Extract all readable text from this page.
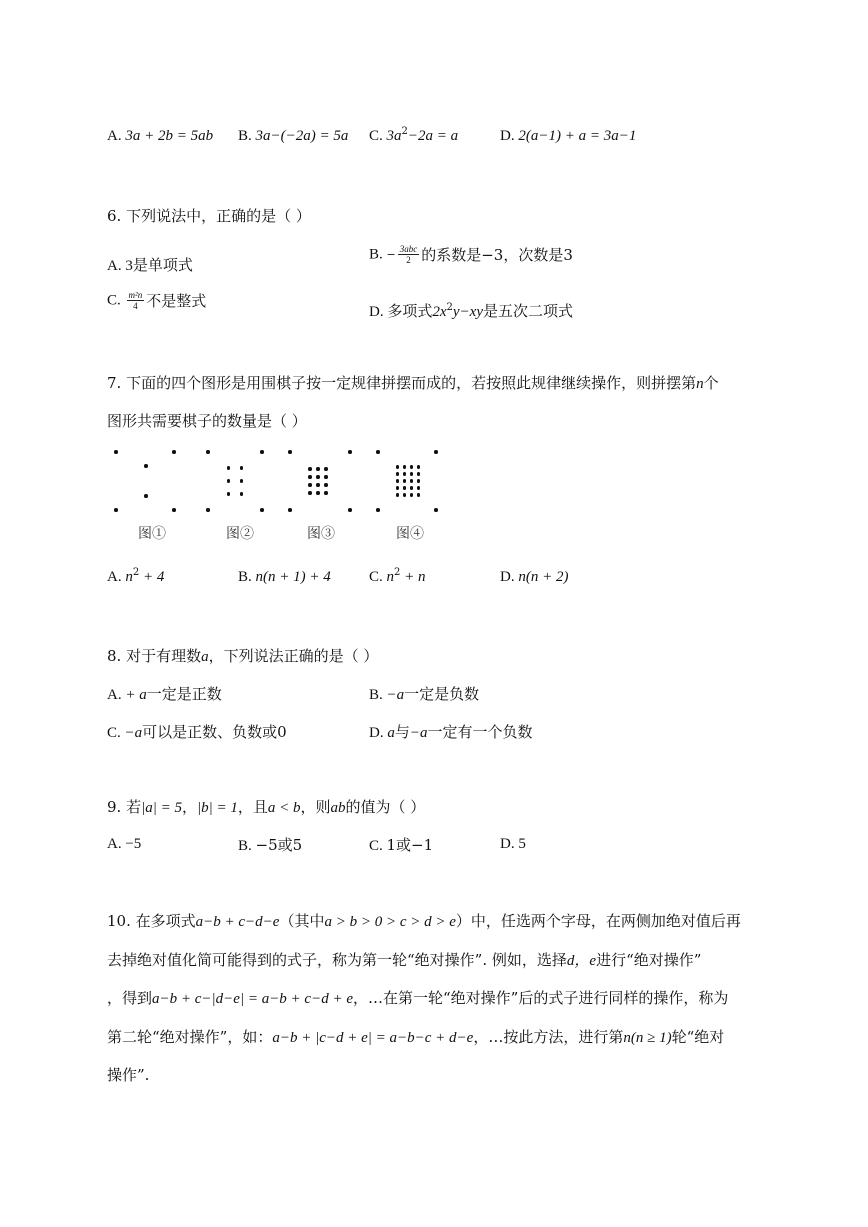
A. 3a + 2b = 5ab B. 3a−(−2a) = 5a C. $3a^2-2a = a$	D. 2(a−1) + a = 3a−1
6. 下列说法中，正确的是（ ）
A. 3是单项式
B. − $\frac{\text{3abc}}{2}$ 的系数是−3，次数是3
C. $\frac{\text{m²n}}{4}$ 不是整式
D. 多项式$2x^2y-xy$是五次二项式
7. 下面的四个图形是用围棋子按一定规律拼摆而成的，若按照此规律继续操作，则拼摆第n个
图形共需要棋子的数量是（ ）
图①	图②	图③	图④
A. $n^2 + 4$	B. n(n + 1) + 4	C. $n^2 + n$	D. n(n + 2)
8. 对于有理数a，下列说法正确的是（ ）
A. + a一定是正数	B. −a一定是负数
C. −a可以是正数、负数或0	D. a与−a一定有一个负数
9. 若|a| = 5，|b| = 1，且a < b，则ab的值为（ ）
A. −5	B. −5或5	C. 1或−1	D. 5
10. 在多项式a−b + c−d−e（其中a > b > 0 > c > d > e）中，任选两个字母，在两侧加绝对值后再
去掉绝对值化简可能得到的式子，称为第一轮“绝对操作”. 例如，选择d，e进行“绝对操作”
，得到a−b + c−|d−e| = a−b + c−d + e，…在第一轮“绝对操作”后的式子进行同样的操作，称为
第二轮“绝对操作”，如：a−b + |c−d + e| = a−b−c + d−e，…按此方法，进行第n(n ≥ 1)轮“绝对
操作”.
